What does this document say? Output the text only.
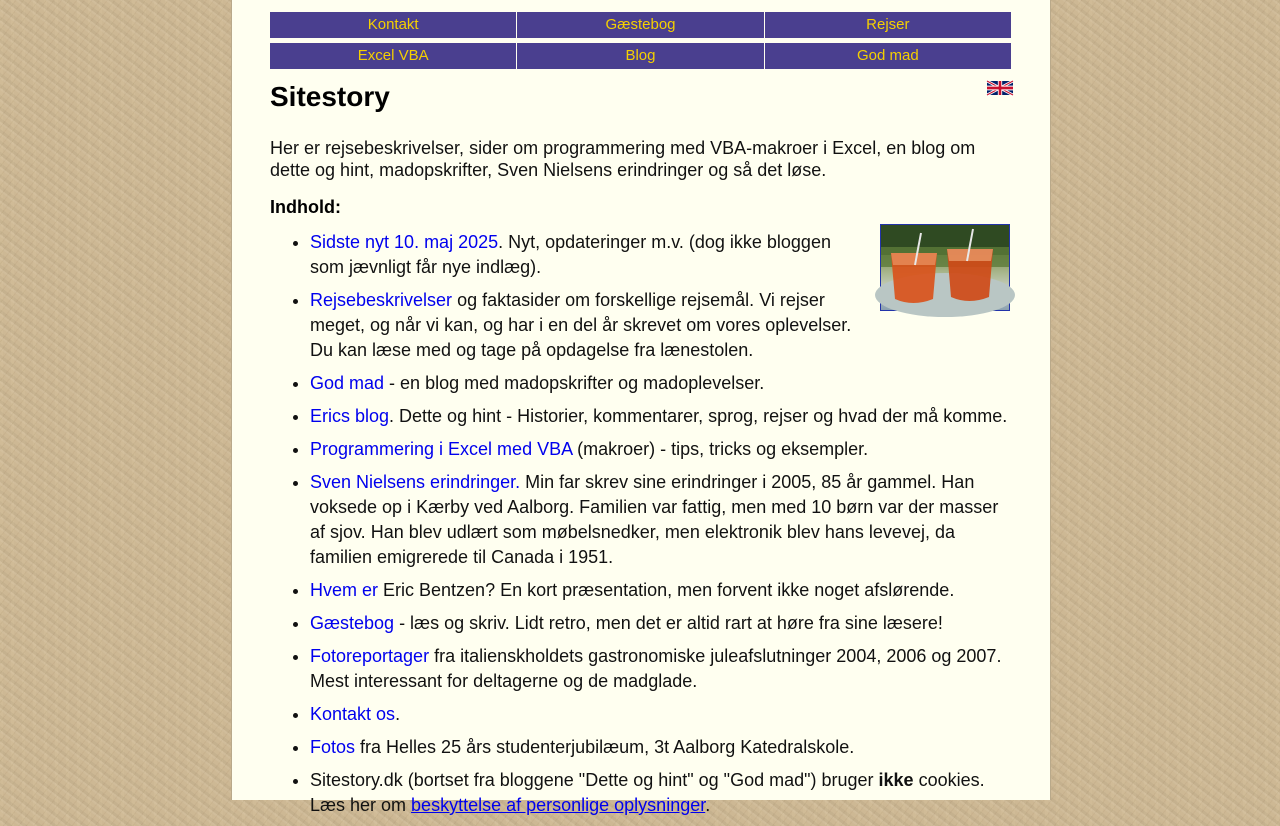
Kontakt	Gæstebog	Rejser
Excel VBA	Blog	God mad
Sitestory

Her er rejsebeskrivelser, sider om programmering med VBA-makroer i Excel, en blog om dette og hint, madopskrifter, Sven Nielsens erindringer og så det løse.

Indhold:

• Sidste nyt 10. maj 2025. Nyt, opdateringer m.v. (dog ikke bloggen som jævnligt får nye indlæg).
• Rejsebeskrivelser og faktasider om forskellige rejsemål. Vi rejser meget, og når vi kan, og har i en del år skrevet om vores oplevelser. Du kan læse med og tage på opdagelse fra lænestolen.
• God mad - en blog med madopskrifter og madoplevelser.
• Erics blog. Dette og hint - Historier, kommentarer, sprog, rejser og hvad der må komme.
• Programmering i Excel med VBA (makroer) - tips, tricks og eksempler.
• Sven Nielsens erindringer. Min far skrev sine erindringer i 2005, 85 år gammel. Han voksede op i Kærby ved Aalborg. Familien var fattig, men med 10 børn var der masser af sjov. Han blev udlært som møbelsnedker, men elektronik blev hans levevej, da familien emigrerede til Canada i 1951.
• Hvem er Eric Bentzen? En kort præsentation, men forvent ikke noget afslørende.
• Gæstebog - læs og skriv. Lidt retro, men det er altid rart at høre fra sine læsere!
• Fotoreportager fra italienskholdets gastronomiske juleafslutninger 2004, 2006 og 2007. Mest interessant for deltagerne og de madglade.
• Kontakt os.
• Fotos fra Helles 25 års studenterjubilæum, 3t Aalborg Katedralskole.
• Sitestory.dk (bortset fra bloggene "Dette og hint" og "God mad") bruger ikke cookies. Læs her om beskyttelse af personlige oplysninger.
